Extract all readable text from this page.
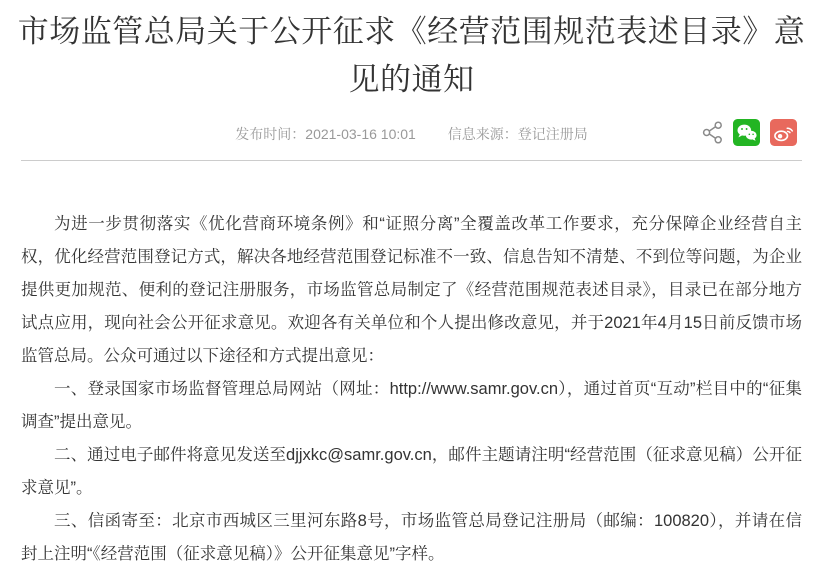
市场监管总局关于公开征求《经营范围规范表述目录》意见的通知
发布时间：2021-03-16 10:01 信息来源：登记注册局

为进一步贯彻落实《优化营商环境条例》和“证照分离”全覆盖改革工作要求，充分保障企业经营自主权，优化经营范围登记方式，解决各地经营范围登记标准不一致、信息告知不清楚、不到位等问题，为企业提供更加规范、便利的登记注册服务，市场监管总局制定了《经营范围规范表述目录》，目录已在部分地方试点应用，现向社会公开征求意见。欢迎各有关单位和个人提出修改意见，并于2021年4月15日前反馈市场监管总局。公众可通过以下途径和方式提出意见：

一、登录国家市场监督管理总局网站（网址：http://www.samr.gov.cn），通过首页“互动”栏目中的“征集调查”提出意见。

二、通过电子邮件将意见发送至djjxkc@samr.gov.cn，邮件主题请注明“经营范围（征求意见稿）公开征求意见”。

三、信函寄至：北京市西城区三里河东路8号，市场监管总局登记注册局（邮编：100820），并请在信封上注明“《经营范围（征求意见稿）》公开征集意见”字样。
